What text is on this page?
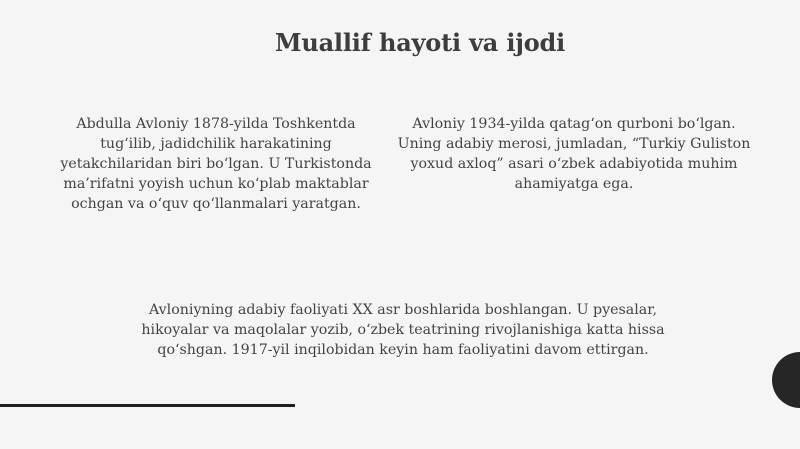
Muallif hayoti va ijodi

Abdulla Avloniy 1878-yilda Toshkentda tug‘ilib, jadidchilik harakatining yetakchilaridan biri bo‘lgan. U Turkistonda ma’rifatni yoyish uchun ko‘plab maktablar ochgan va o‘quv qo‘llanmalari yaratgan.

Avloniy 1934-yilda qatag‘on qurboni bo‘lgan. Uning adabiy merosi, jumladan, “Turkiy Guliston yoxud axloq” asari o‘zbek adabiyotida muhim ahamiyatga ega.

Avloniyning adabiy faoliyati XX asr boshlarida boshlangan. U pyesalar, hikoyalar va maqolalar yozib, o‘zbek teatrining rivojlanishiga katta hissa qo‘shgan. 1917-yil inqilobidan keyin ham faoliyatini davom ettirgan.
